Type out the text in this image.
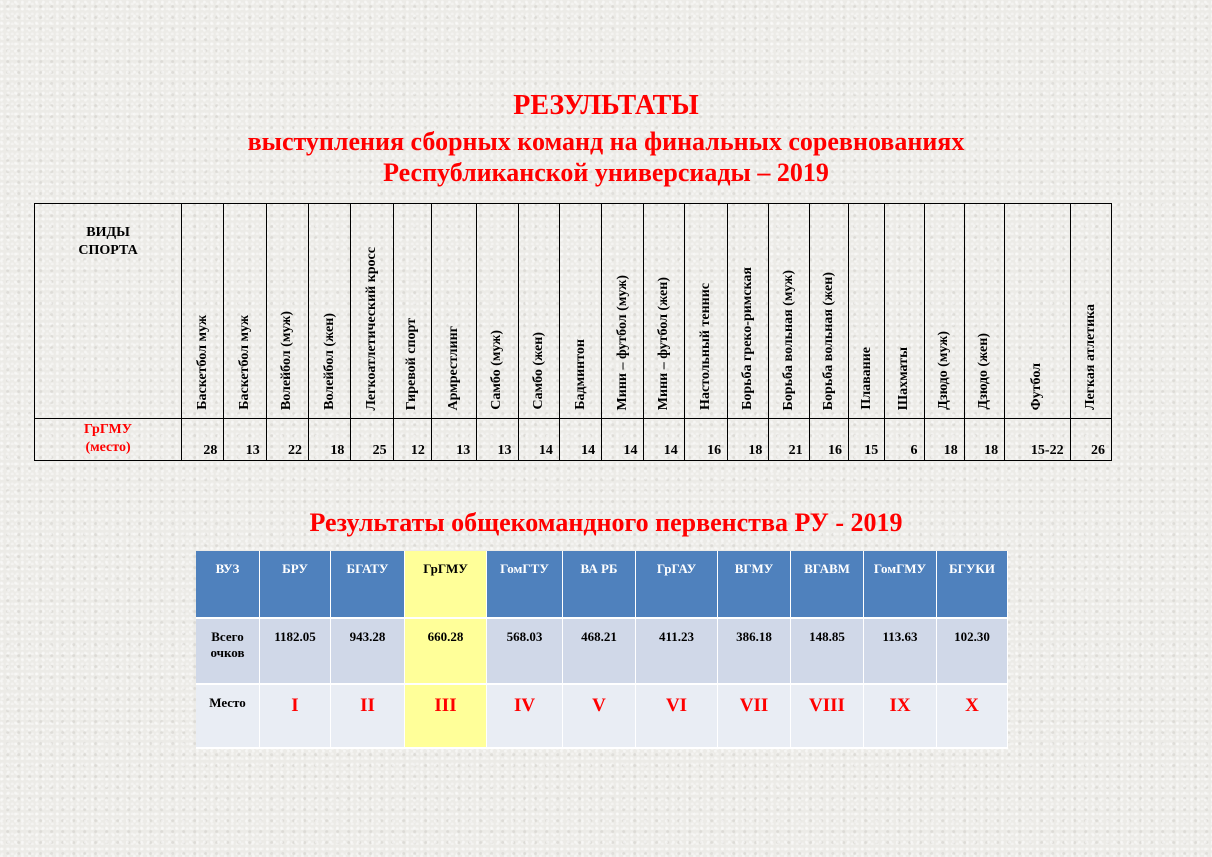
РЕЗУЛЬТАТЫ
выступления сборных команд на финальных соревнованиях
Республиканской универсиады – 2019
ВИДЫ
СПОРТА	Баскетбол муж	Баскетбол муж	Волейбол (муж)	Волейбол (жен)	Легкоатлетический кросс	Гиревой спорт	Армрестлинг	Самбо (муж)	Самбо (жен)	Бадминтон	Мини – футбол (муж)	Мини – футбол (жен)	Настольный теннис	Борьба греко-римская	Борьба вольная (муж)	Борьба вольная (жен)	Плавание	Шахматы	Дзюдо (муж)	Дзюдо (жен)	Футбол	Легкая атлетика

ГрГМУ
(место)	28	13	22	18	25	12	13	13	14	14	14	14	16	18	21	16	15	6	18	18	15-22	26
Результаты общекомандного первенства РУ - 2019
ВУЗ	БРУ	БГАТУ	ГрГМУ	ГомГТУ	ВА РБ	ГрГАУ	ВГМУ	ВГАВМ	ГомГМУ	БГУКИ

Всего
очков	1182.05	943.28	660.28	568.03	468.21	411.23	386.18	148.85	113.63	102.30
Место	I	II	III	IV	V	VI	VII	VIII	IX	X
